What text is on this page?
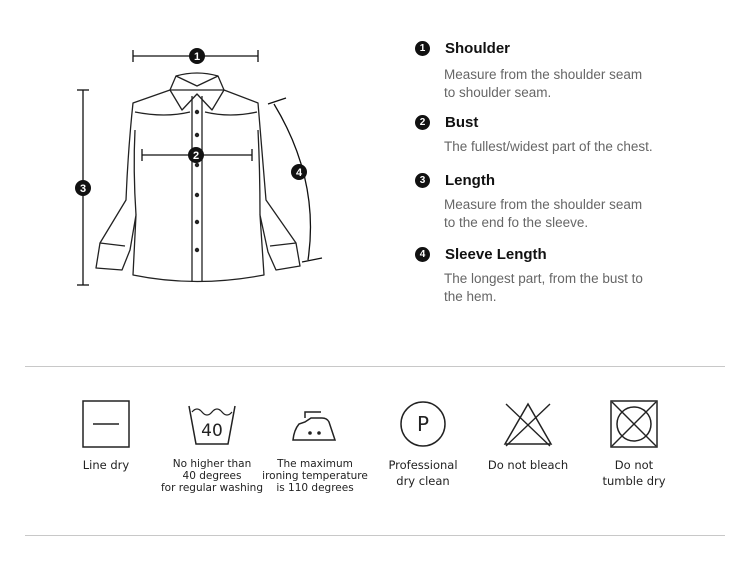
1
2
3
4
1	Shoulder
Measure from the shoulder seam
to shoulder seam.
2	Bust
The fullest/widest part of the chest.
3	Length
Measure from the shoulder seam
to the end fo the sleeve.
4	Sleeve Length
The longest part, from the bust to
the hem.
Line dry
40
No higher than
40 degrees
for regular washing
The maximum
ironing temperature
is 110 degrees
P
Professional
dry clean
Do not bleach	Do not
tumble dry
